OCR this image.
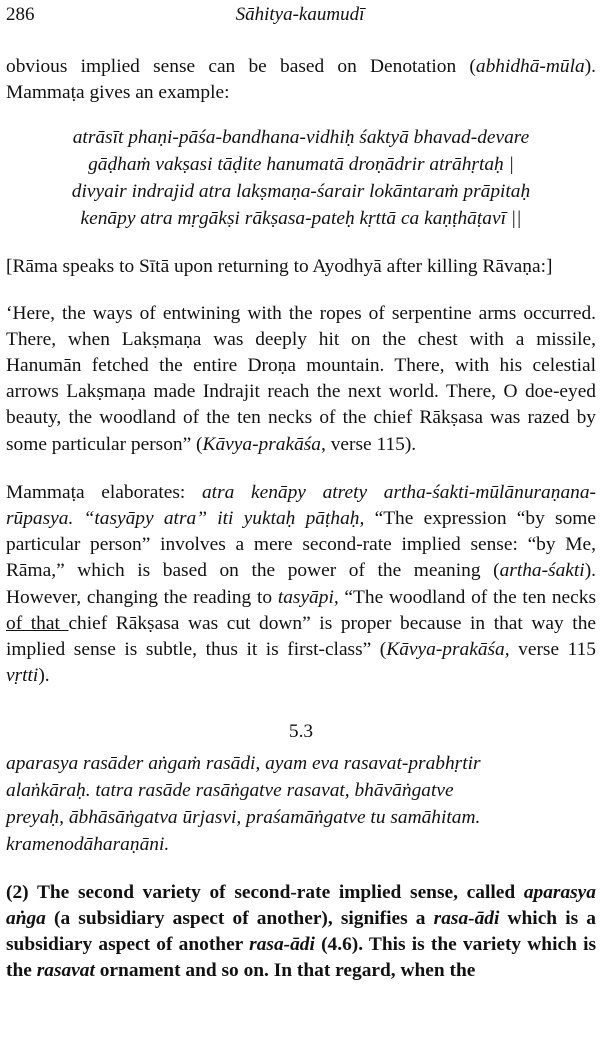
286	Sāhitya-kaumudī

obvious implied sense can be based on Denotation (abhidhā-mūla). Mammaṭa gives an example:

atrāsīt phaṇi-pāśa-bandhana-vidhiḥ śaktyā bhavad-devare
gāḍhaṁ vakṣasi tāḍite hanumatā droṇādrir atrāhṛtaḥ |
divyair indrajid atra lakṣmaṇa-śarair lokāntaraṁ prāpitaḥ
kenāpy atra mṛgākṣi rākṣasa-pateḥ kṛttā ca kaṇṭhāṭavī ||

[Rāma speaks to Sītā upon returning to Ayodhyā after killing Rāvaṇa:]

‘Here, the ways of entwining with the ropes of serpentine arms occurred. There, when Lakṣmaṇa was deeply hit on the chest with a missile, Hanumān fetched the entire Droṇa mountain. There, with his celestial arrows Lakṣmaṇa made Indrajit reach the next world. There, O doe-eyed beauty, the woodland of the ten necks of the chief Rākṣasa was razed by some particular person” (Kāvya-prakāśa, verse 115).

Mammaṭa elaborates: atra kenāpy atrety artha-śakti-mūlānuraṇana-rūpasya. “tasyāpy atra” iti yuktaḥ pāṭhaḥ, “The expression “by some particular person” involves a mere second-rate implied sense: “by Me, Rāma,” which is based on the power of the meaning (artha-śakti). However, changing the reading to tasyāpi, “The woodland of the ten necks of that chief Rākṣasa was cut down” is proper because in that way the implied sense is subtle, thus it is first-class” (Kāvya-prakāśa, verse 115 vṛtti).

5.3

aparasya rasāder aṅgaṁ rasādi, ayam eva rasavat-prabhṛtir
alaṅkāraḥ. tatra rasāde rasāṅgatve rasavat, bhāvāṅgatve
preyaḥ, ābhāsāṅgatva ūrjasvi, praśamāṅgatve tu samāhitam.
kramenodāharaṇāni.

(2) The second variety of second-rate implied sense, called aparasya aṅga (a subsidiary aspect of another), signifies a rasa-ādi which is a subsidiary aspect of another rasa-ādi (4.6). This is the variety which is the rasavat ornament and so on. In that regard, when the
